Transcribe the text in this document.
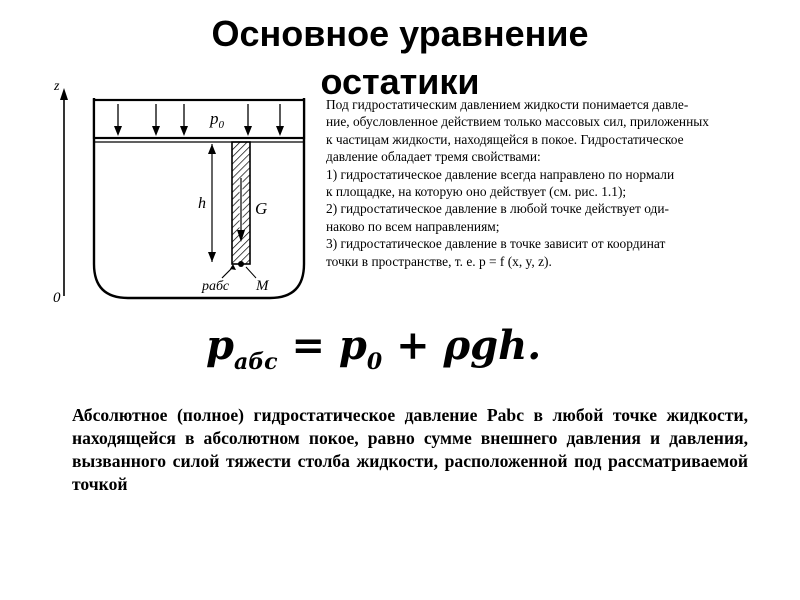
Основное уравнение
остатики
z
0
$p_0$
G
h
M
pабс

Под гидростатическим давлением жидкости понимается давле-

ние, обусловленное действием только массовых сил, приложенных

к частицам жидкости, находящейся в покое. Гидростатическое

давление обладает тремя свойствами:

1) гидростатическое давление всегда направлено по нормали

к площадке, на которую оно действует (см. рис. 1.1);

2) гидростатическое давление в любой точке действует оди-

наково по всем направлениям;

3) гидростатическое давление в точке зависит от координат

точки в пространстве, т. е. p = f (x, y, z).

$p_{абс} = p_0 + \rho gh$.

Абсолютное (полное) гидростатическое давление Рabc в любой точке жидкости, находящейся в абсолютном покое, равно сумме внешнего давления и давления, вызванного силой тяжести столба жидкости, расположенной под рассматриваемой точкой
